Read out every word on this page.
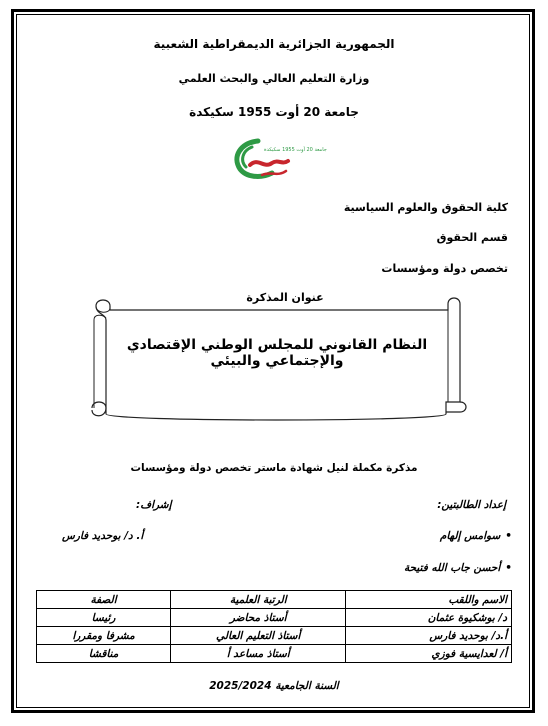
الجمهورية الجزائرية الديمقراطية الشعبية
وزارة التعليم العالي والبحث العلمي
جامعة 20 أوت 1955 سكيكدة
جامعة 20 أوت 1955 سكيكدة
كلية الحقوق والعلوم السياسية
قسم الحقوق
تخصص دولة ومؤسسات
عنوان المذكرة
النظام القانوني للمجلس الوطني الإقتصادي والإجتماعي والبيئي
مذكرة مكملة لنيل شهادة ماستر تخصص دولة ومؤسسات
إعداد الطالبتين:
إشراف:
• سوامس إلهام
أ. د/ بوحديد فارس
• أحسن جاب الله فتيحة
الاسم واللقب	الرتبة العلمية	الصفة
د/ بوشكيوة عثمان	أستاذ محاضر	رئيسا
أ.د/ بوحديد فارس	أستاذ التعليم العالي	مشرفا ومقررا
أ/ لعدايسية فوزي	أستاذ مساعد أ	مناقشا
السنة الجامعية 2025/2024
